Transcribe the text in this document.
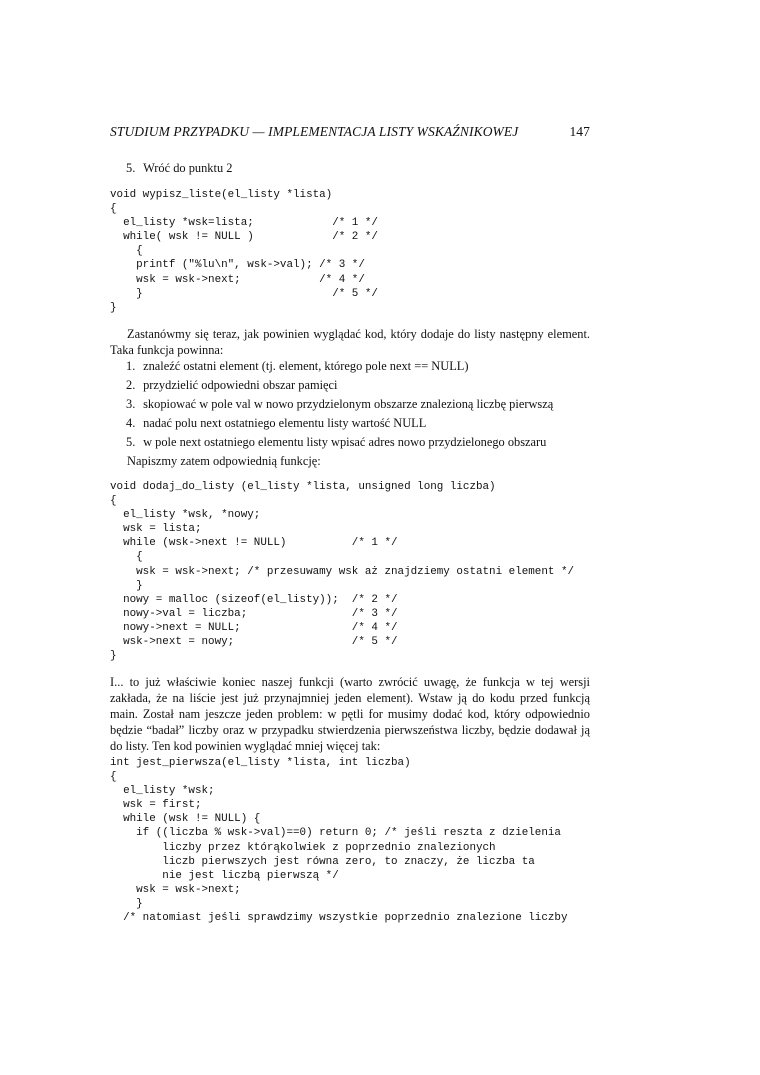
STUDIUM PRZYPADKU — IMPLEMENTACJA LISTY WSKAŹNIKOWEJ	147
5. Wróć do punktu 2
void wypisz_liste(el_listy *lista)
{
el_listy *wsk=lista;            /* 1 */
while( wsk != NULL )            /* 2 */
{
printf ("%lu\n", wsk->val); /* 3 */
wsk = wsk->next;            /* 4 */
}                             /* 5 */
}

Zastanówmy się teraz, jak powinien wyglądać kod, który dodaje do listy następny element. Taka funkcja powinna:

1. znaleźć ostatni element (tj. element, którego pole next == NULL)
2. przydzielić odpowiedni obszar pamięci
3. skopiować w pole val w nowo przydzielonym obszarze znalezioną liczbę pierwszą
4. nadać polu next ostatniego elementu listy wartość NULL
5. w pole next ostatniego elementu listy wpisać adres nowo przydzielonego obszaru

Napiszmy zatem odpowiednią funkcję:

void dodaj_do_listy (el_listy *lista, unsigned long liczba)
{
el_listy *wsk, *nowy;
wsk = lista;
while (wsk->next != NULL)          /* 1 */
{
wsk = wsk->next; /* przesuwamy wsk aż znajdziemy ostatni element */
}
nowy = malloc (sizeof(el_listy));  /* 2 */
nowy->val = liczba;                /* 3 */
nowy->next = NULL;                 /* 4 */
wsk->next = nowy;                  /* 5 */
}

I... to już właściwie koniec naszej funkcji (warto zwrócić uwagę, że funkcja w tej wersji zakłada, że na liście jest już przynajmniej jeden element). Wstaw ją do kodu przed funkcją main. Został nam jeszcze jeden problem: w pętli for musimy dodać kod, który odpowiednio będzie “badał” liczby oraz w przypadku stwierdzenia pierwszeństwa liczby, będzie dodawał ją do listy. Ten kod powinien wyglądać mniej więcej tak:

int jest_pierwsza(el_listy *lista, int liczba)
{
el_listy *wsk;
wsk = first;
while (wsk != NULL) {
if ((liczba % wsk->val)==0) return 0; /* jeśli reszta z dzielenia
liczby przez którąkolwiek z poprzednio znalezionych
liczb pierwszych jest równa zero, to znaczy, że liczba ta
nie jest liczbą pierwszą */
wsk = wsk->next;
}
/* natomiast jeśli sprawdzimy wszystkie poprzednio znalezione liczby
